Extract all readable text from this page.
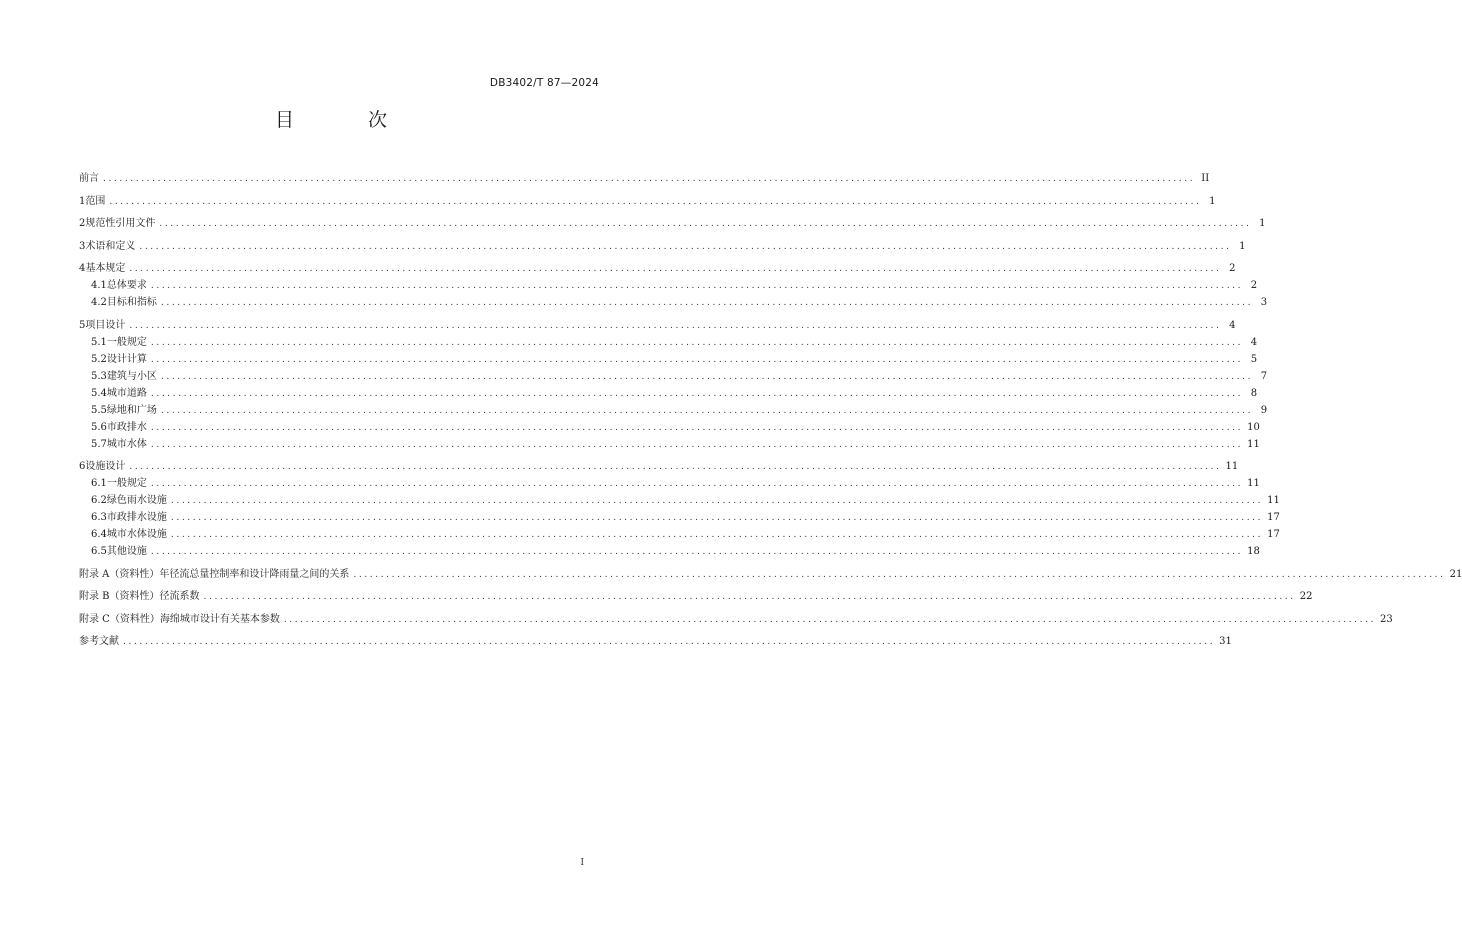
DB3402/T 87—2024
目 次
前言 ........................................................................................................................................................................................................ II
1 范围 ........................................................................................................................................................................................................ 1
2 规范性引用文件 ........................................................................................................................................................................................................ 1
3 术语和定义 ........................................................................................................................................................................................................ 1
4 基本规定 ........................................................................................................................................................................................................ 2
4.1 总体要求 ........................................................................................................................................................................................................ 2
4.2 目标和指标 ........................................................................................................................................................................................................ 3
5 项目设计 ........................................................................................................................................................................................................ 4
5.1 一般规定 ........................................................................................................................................................................................................ 4
5.2 设计计算 ........................................................................................................................................................................................................ 5
5.3 建筑与小区 ........................................................................................................................................................................................................ 7
5.4 城市道路 ........................................................................................................................................................................................................ 8
5.5 绿地和广场 ........................................................................................................................................................................................................ 9
5.6 市政排水 ........................................................................................................................................................................................................ 10
5.7 城市水体 ........................................................................................................................................................................................................ 11
6 设施设计 ........................................................................................................................................................................................................ 11
6.1 一般规定 ........................................................................................................................................................................................................ 11
6.2 绿色雨水设施 ........................................................................................................................................................................................................ 11
6.3 市政排水设施 ........................................................................................................................................................................................................ 17
6.4 城市水体设施 ........................................................................................................................................................................................................ 17
6.5 其他设施 ........................................................................................................................................................................................................ 18
附录 A（资料性） 年径流总量控制率和设计降雨量之间的关系 ........................................................................................................................................................................................................ 21
附录 B（资料性） 径流系数 ........................................................................................................................................................................................................ 22
附录 C（资料性） 海绵城市设计有关基本参数 ........................................................................................................................................................................................................ 23
参考文献 ........................................................................................................................................................................................................ 31
I
